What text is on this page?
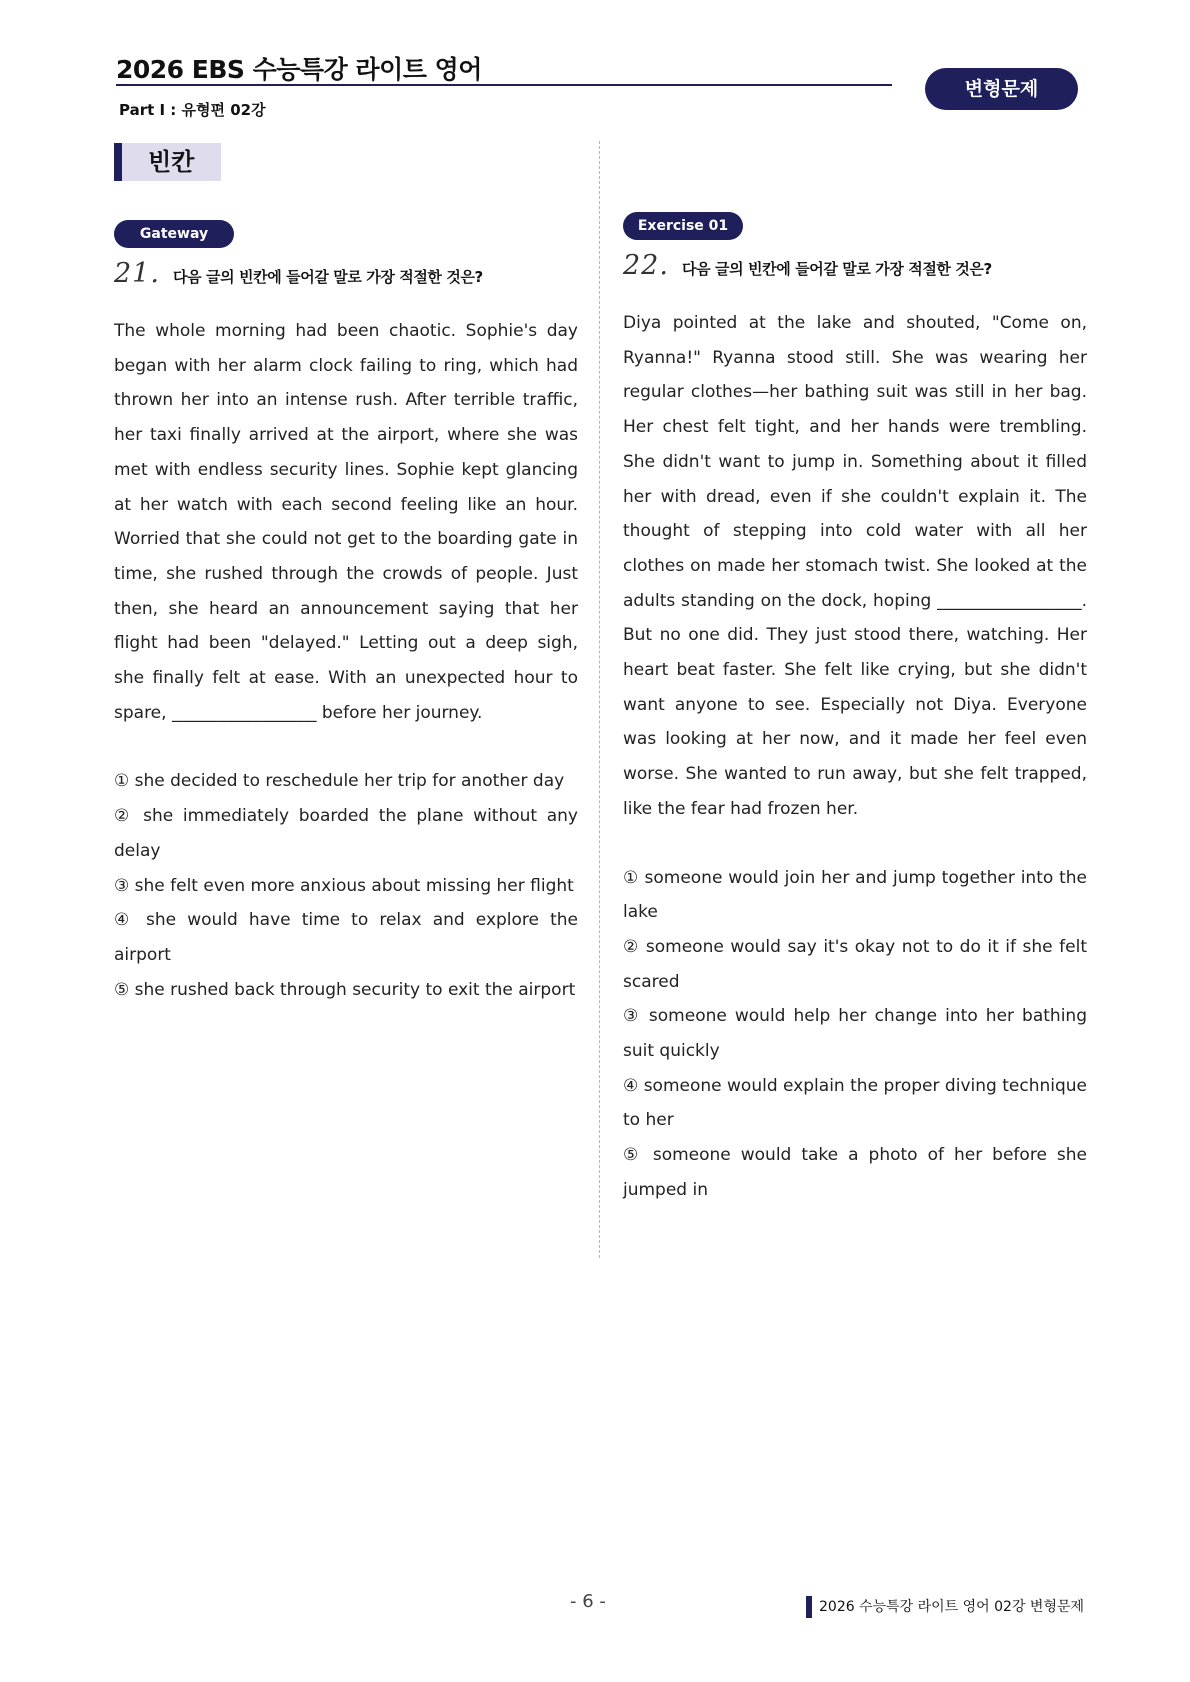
2026 EBS 수능특강 라이트 영어
Part Ⅰ : 유형편 02강
변형문제
빈칸
Gateway
21. 다음 글의 빈칸에 들어갈 말로 가장 적절한 것은?
The whole morning had been chaotic. Sophie's day began with her alarm clock failing to ring, which had thrown her into an intense rush. After terrible traffic, her taxi finally arrived at the airport, where she was met with endless security lines. Sophie kept glancing at her watch with each second feeling like an hour. Worried that she could not get to the boarding gate in time, she rushed through the crowds of people. Just then, she heard an announcement saying that her flight had been "delayed." Letting out a deep sigh, she finally felt at ease. With an unexpected hour to spare, _________________ before her journey.

① she decided to reschedule her trip for another day

② she immediately boarded the plane without any delay

③ she felt even more anxious about missing her flight

④ she would have time to relax and explore the airport

⑤ she rushed back through security to exit the airport

Exercise 01
22. 다음 글의 빈칸에 들어갈 말로 가장 적절한 것은?
Diya pointed at the lake and shouted, "Come on, Ryanna!" Ryanna stood still. She was wearing her regular clothes—her bathing suit was still in her bag. Her chest felt tight, and her hands were trembling. She didn't want to jump in. Something about it filled her with dread, even if she couldn't explain it. The thought of stepping into cold water with all her clothes on made her stomach twist. She looked at the adults standing on the dock, hoping _________________. But no one did. They just stood there, watching. Her heart beat faster. She felt like crying, but she didn't want anyone to see. Especially not Diya. Everyone was looking at her now, and it made her feel even worse. She wanted to run away, but she felt trapped, like the fear had frozen her.

① someone would join her and jump together into the lake

② someone would say it's okay not to do it if she felt scared

③ someone would help her change into her bathing suit quickly

④ someone would explain the proper diving technique to her

⑤ someone would take a photo of her before she jumped in

- 6 -	2026 수능특강 라이트 영어 02강 변형문제
